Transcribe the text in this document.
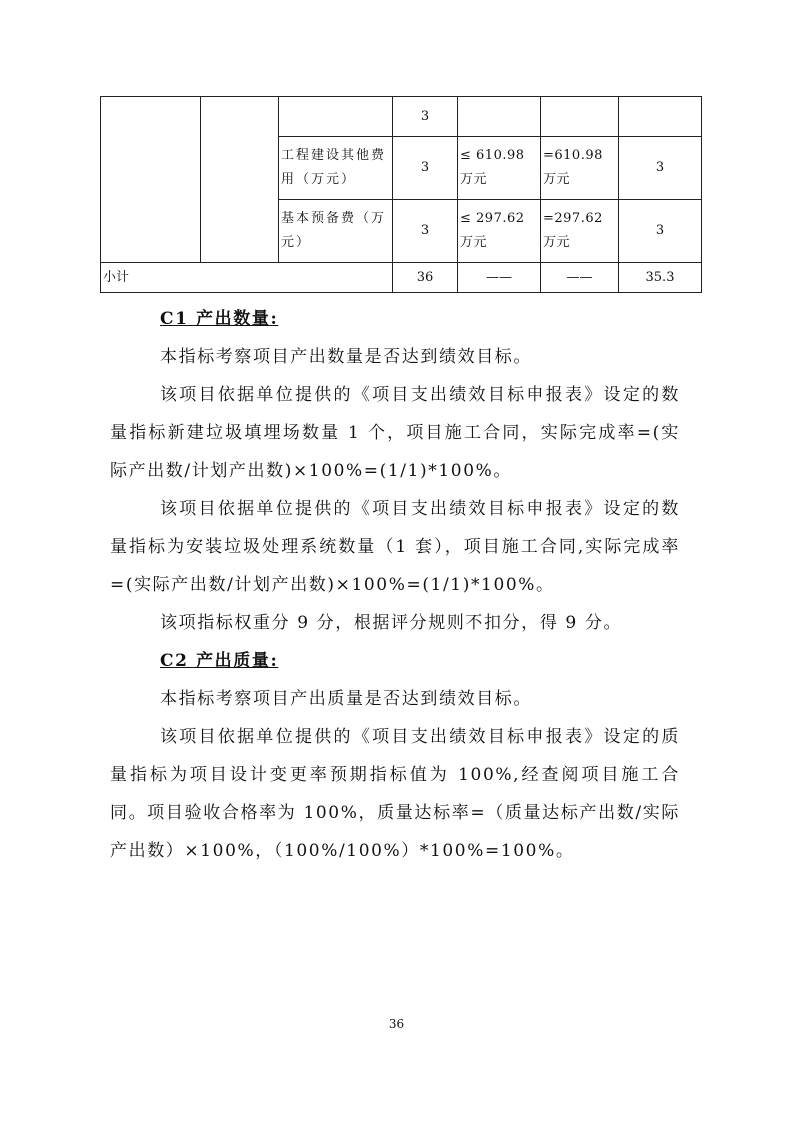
			3			
		工程建设其他费用（万元）	3	≤ 610.98 万元	=610.98万元	3
		基本预备费（万元）	3	≤ 297.62 万元	=297.62万元	3
小计			36	——	——	35.3
C1 产出数量:

本指标考察项目产出数量是否达到绩效目标。

该项目依据单位提供的《项目支出绩效目标申报表》设定的数量指标新建垃圾填埋场数量 1 个，项目施工合同，实际完成率=(实际产出数/计划产出数)×100%=(1/1)*100%。

该项目依据单位提供的《项目支出绩效目标申报表》设定的数量指标为安装垃圾处理系统数量（1 套），项目施工合同,实际完成率=(实际产出数/计划产出数)×100%=(1/1)*100%。

该项指标权重分 9 分，根据评分规则不扣分，得 9 分。

C2 产出质量:

本指标考察项目产出质量是否达到绩效目标。

该项目依据单位提供的《项目支出绩效目标申报表》设定的质量指标为项目设计变更率预期指标值为 100%,经查阅项目施工合同。项目验收合格率为 100%，质量达标率=（质量达标产出数/实际产出数）×100%，（100%/100%）*100%=100%。

36
